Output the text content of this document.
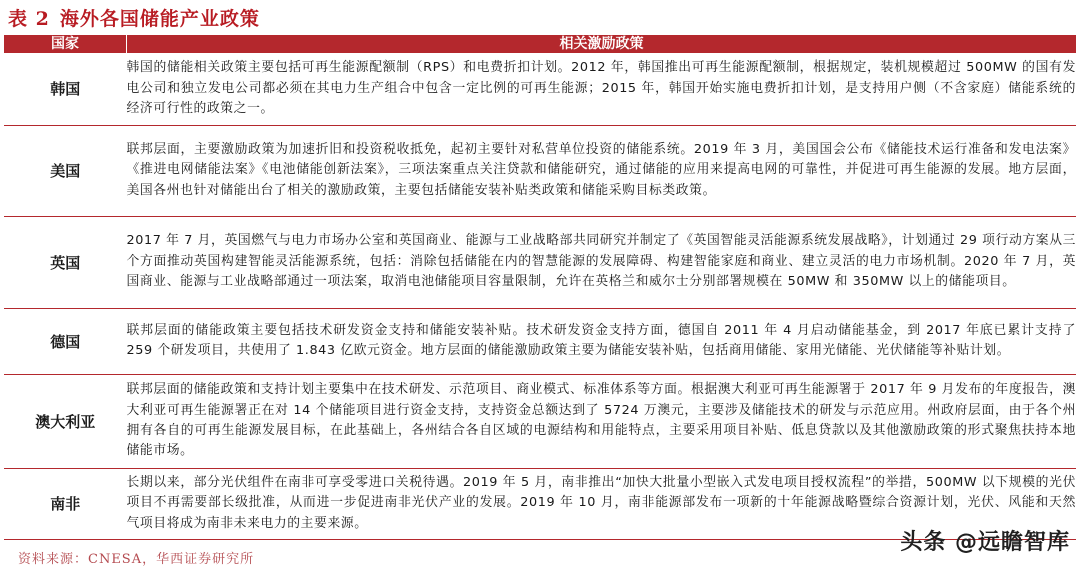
表 2 海外各国储能产业政策
国家	相关激励政策
韩国	韩国的储能相关政策主要包括可再生能源配额制（RPS）和电费折扣计划。2012 年，韩国推出可再生能源配额制，根据规定，装机规模超过 500MW 的国有发电公司和独立发电公司都必须在其电力生产组合中包含一定比例的可再生能源；2015 年，韩国开始实施电费折扣计划，是支持用户侧（不含家庭）储能系统的经济可行性的政策之一。
美国	联邦层面，主要激励政策为加速折旧和投资税收抵免，起初主要针对私营单位投资的储能系统。2019 年 3 月，美国国会公布《储能技术运行准备和发电法案》《推进电网储能法案》《电池储能创新法案》，三项法案重点关注贷款和储能研究，通过储能的应用来提高电网的可靠性，并促进可再生能源的发展。地方层面，美国各州也针对储能出台了相关的激励政策，主要包括储能安装补贴类政策和储能采购目标类政策。
英国	2017 年 7 月，英国燃气与电力市场办公室和英国商业、能源与工业战略部共同研究并制定了《英国智能灵活能源系统发展战略》，计划通过 29 项行动方案从三个方面推动英国构建智能灵活能源系统，包括：消除包括储能在内的智慧能源的发展障碍、构建智能家庭和商业、建立灵活的电力市场机制。2020 年 7 月，英国商业、能源与工业战略部通过一项法案，取消电池储能项目容量限制，允许在英格兰和威尔士分别部署规模在 50MW 和 350MW 以上的储能项目。
德国	联邦层面的储能政策主要包括技术研发资金支持和储能安装补贴。技术研发资金支持方面，德国自 2011 年 4 月启动储能基金，到 2017 年底已累计支持了 259 个研发项目，共使用了 1.843 亿欧元资金。地方层面的储能激励政策主要为储能安装补贴，包括商用储能、家用光储能、光伏储能等补贴计划。
澳大利亚	联邦层面的储能政策和支持计划主要集中在技术研发、示范项目、商业模式、标准体系等方面。根据澳大利亚可再生能源署于 2017 年 9 月发布的年度报告，澳大利亚可再生能源署正在对 14 个储能项目进行资金支持，支持资金总额达到了 5724 万澳元，主要涉及储能技术的研发与示范应用。州政府层面，由于各个州拥有各自的可再生能源发展目标，在此基础上，各州结合各自区域的电源结构和用能特点，主要采用项目补贴、低息贷款以及其他激励政策的形式聚焦扶持本地储能市场。
南非	长期以来，部分光伏组件在南非可享受零进口关税待遇。2019 年 5 月，南非推出“加快大批量小型嵌入式发电项目授权流程”的举措，500MW 以下规模的光伏项目不再需要部长级批准，从而进一步促进南非光伏产业的发展。2019 年 10 月，南非能源部发布一项新的十年能源战略暨综合资源计划，光伏、风能和天然气项目将成为南非未来电力的主要来源。
资料来源：CNESA，华西证券研究所
头条 @远瞻智库
